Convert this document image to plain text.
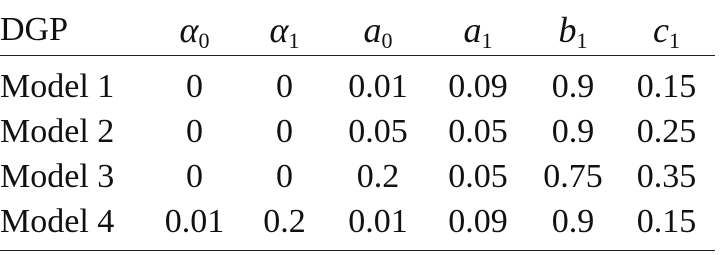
DGP	$\alpha_0$	$\alpha_1$	$a_0$	$a_1$	$b_1$	$c_1$
Model 1	0	0	0.01	0.09	0.9	0.15
Model 2	0	0	0.05	0.05	0.9	0.25
Model 3	0	0	0.2	0.05	0.75	0.35
Model 4	0.01	0.2	0.01	0.09	0.9	0.15
